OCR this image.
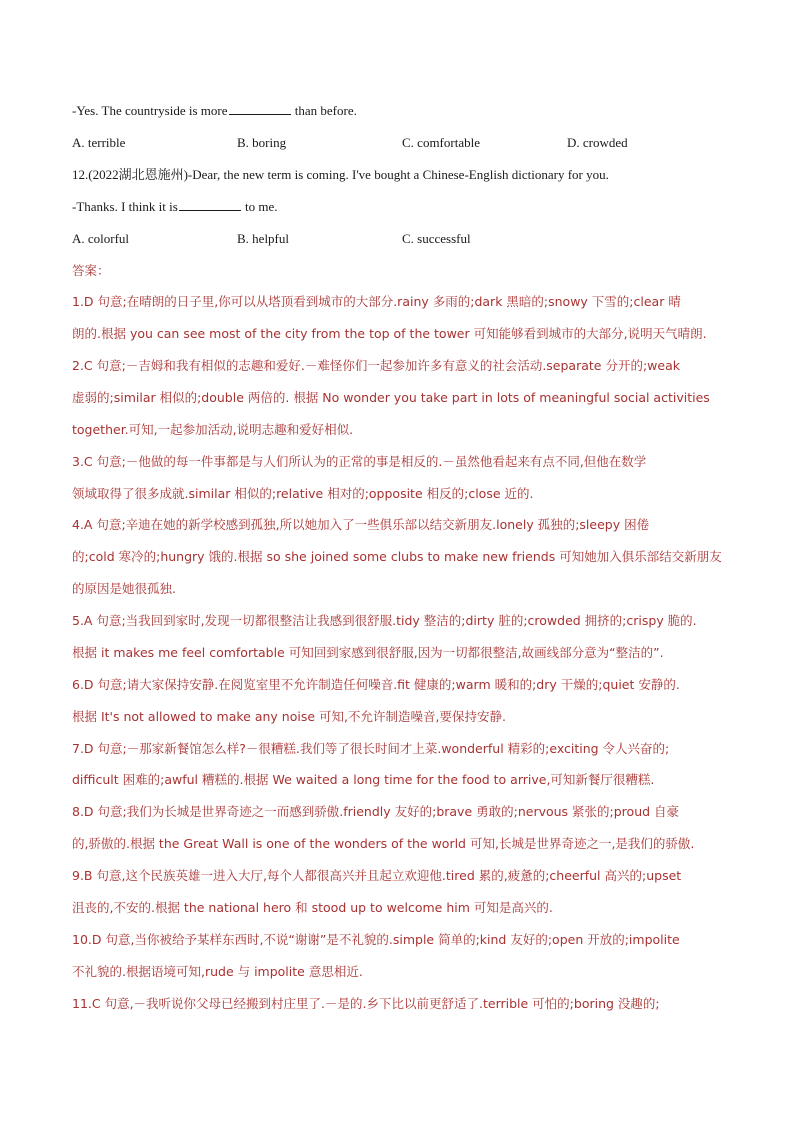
-Yes. The countryside is more	than before.
A. terrible	B. boring	C. comfortable	D. crowded
12.(2022湖北恩施州)-Dear, the new term is coming. I've bought a Chinese-English dictionary for you.
-Thanks. I think it is	to me.
A. colorful	B. helpful	C. successful
答案：
1.D 句意;在晴朗的日子里,你可以从塔顶看到城市的大部分.rainy 多雨的;dark 黑暗的;snowy 下雪的;clear 晴
朗的.根据 you can see most of the city from the top of the tower 可知能够看到城市的大部分,说明天气晴朗.
2.C 句意;－吉姆和我有相似的志趣和爱好.－难怪你们一起参加许多有意义的社会活动.separate 分开的;weak
虚弱的;similar 相似的;double 两倍的. 根据 No wonder you take part in lots of meaningful social activities
together.可知,一起参加活动,说明志趣和爱好相似.
3.C 句意;－他做的每一件事都是与人们所认为的正常的事是相反的.－虽然他看起来有点不同,但他在数学
领域取得了很多成就.similar 相似的;relative 相对的;opposite 相反的;close 近的.
4.A 句意;辛迪在她的新学校感到孤独,所以她加入了一些俱乐部以结交新朋友.lonely 孤独的;sleepy 困倦
的;cold 寒冷的;hungry 饿的.根据 so she joined some clubs to make new friends 可知她加入俱乐部结交新朋友
的原因是她很孤独.
5.A 句意;当我回到家时,发现一切都很整洁让我感到很舒服.tidy 整洁的;dirty 脏的;crowded 拥挤的;crispy 脆的.
根据 it makes me feel comfortable 可知回到家感到很舒服,因为一切都很整洁,故画线部分意为“整洁的”.
6.D 句意;请大家保持安静.在阅览室里不允许制造任何噪音.fit 健康的;warm 暖和的;dry 干燥的;quiet 安静的.
根据 It's not allowed to make any noise 可知,不允许制造噪音,要保持安静.
7.D 句意;－那家新餐馆怎么样?－很糟糕.我们等了很长时间才上菜.wonderful 精彩的;exciting 令人兴奋的;
difficult 困难的;awful 糟糕的.根据 We waited a long time for the food to arrive,可知新餐厅很糟糕.
8.D 句意;我们为长城是世界奇迹之一而感到骄傲.friendly 友好的;brave 勇敢的;nervous 紧张的;proud 自豪
的,骄傲的.根据 the Great Wall is one of the wonders of the world 可知,长城是世界奇迹之一,是我们的骄傲.
9.B 句意,这个民族英雄一进入大厅,每个人都很高兴并且起立欢迎他.tired 累的,疲惫的;cheerful 高兴的;upset
沮丧的,不安的.根据 the national hero 和 stood up to welcome him 可知是高兴的.
10.D 句意,当你被给予某样东西时,不说“谢谢”是不礼貌的.simple 简单的;kind 友好的;open 开放的;impolite
不礼貌的.根据语境可知,rude 与 impolite 意思相近.
11.C 句意,－我听说你父母已经搬到村庄里了.－是的.乡下比以前更舒适了.terrible 可怕的;boring 没趣的;
